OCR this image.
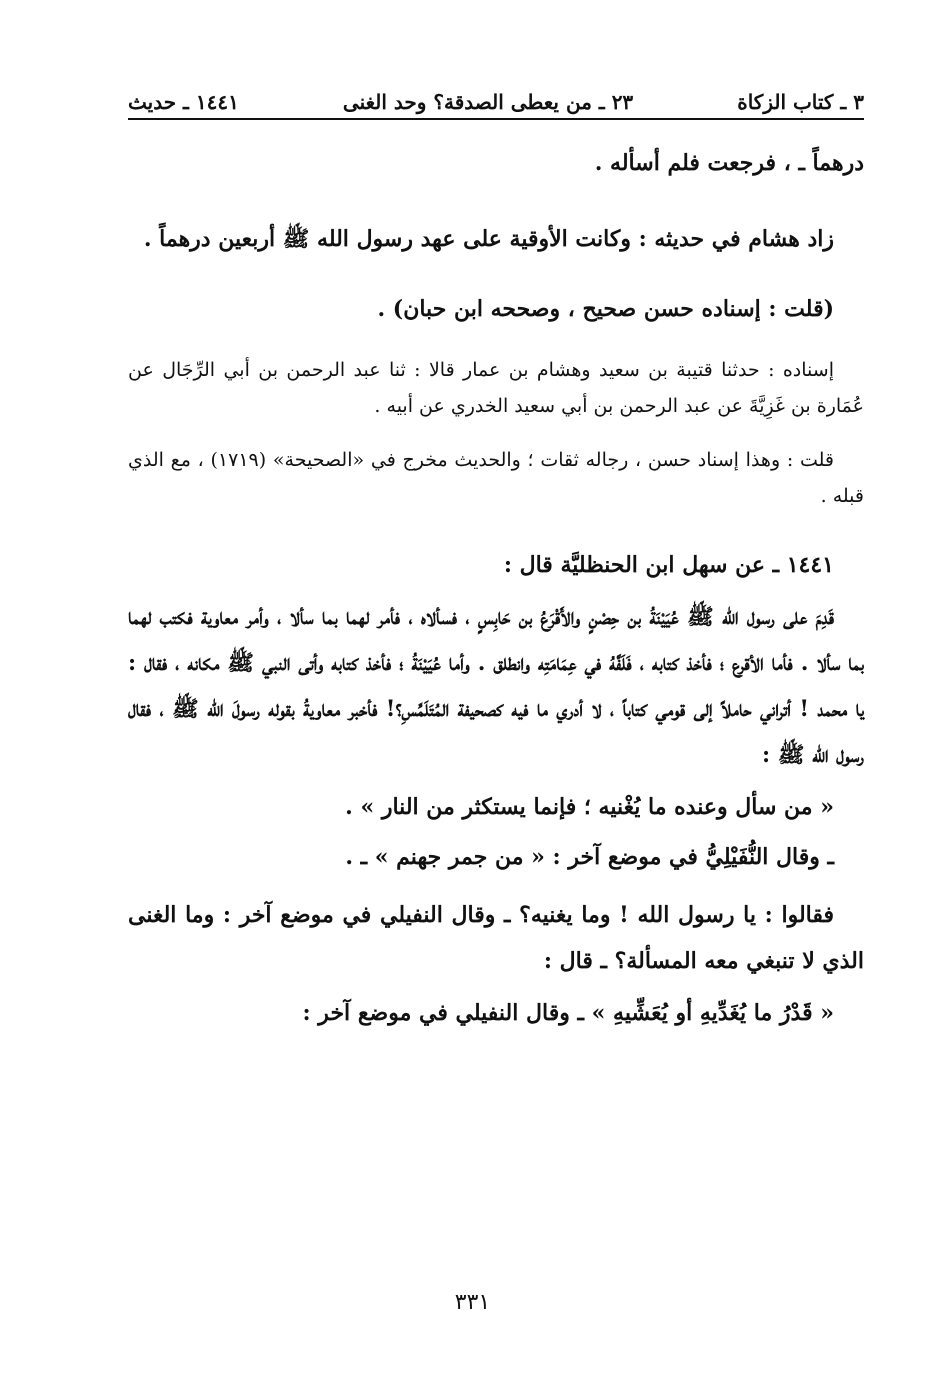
٣ ـ كتاب الزكاة
٢٣ ـ من يعطى الصدقة؟ وحد الغنى
١٤٤١ ـ حديث

درهماً ـ ، فرجعت فلم أسأله .

زاد هشام في حديثه : وكانت الأوقية على عهد رسول الله ﷺ أربعين درهماً .

(قلت : إسناده حسن صحيح ، وصححه ابن حبان) .

إسناده : حدثنا قتيبة بن سعيد وهشام بن عمار قالا : ثنا عبد الرحمن بن أبي الرِّجَال عن عُمَارة بن غَزِيَّةَ عن عبد الرحمن بن أبي سعيد الخدري عن أبيه .

قلت : وهذا إسناد حسن ، رجاله ثقات ؛ والحديث مخرج في «الصحيحة» (١٧١٩) ، مع الذي قبله .

١٤٤١ ـ عن سهل ابن الحنظليَّة قال :

قَدِمَ على رسول الله ﷺ عُيَيْنَةُ بن حِصْنٍ والأَقْرَعُ بن حَابِسٍ ، فسألاه ، فأمر لهما بما سألا ، وأمر معاوية فكتب لهما بما سألا . فأما الأقرع ؛ فأخذ كتابه ، فَلَفَّهُ في عِمَامَتِه وانطلق . وأما عُيَيْنَةُ ؛ فأخذ كتابه وأتى النبي ﷺ مكانه ، فقال : يا محمد ! أتراني حاملاً إلى قومي كتاباً ، لا أدري ما فيه كصحيفة المُتَلَمِّسِ؟! فأخبر معاويةُ بقوله رسولَ الله ﷺ ، فقال رسول الله ﷺ :

« من سأل وعنده ما يُغْنيه ؛ فإنما يستكثر من النار » .

ـ وقال النُّفَيْلِيُّ في موضع آخر : « من جمر جهنم » ـ .

فقالوا : يا رسول الله ! وما يغنيه؟ ـ وقال النفيلي في موضع آخر : وما الغنى الذي لا تنبغي معه المسألة؟ ـ قال :

« قَدْرُ ما يُغَدِّيهِ أو يُعَشِّيهِ » ـ وقال النفيلي في موضع آخر :

٣٣١
